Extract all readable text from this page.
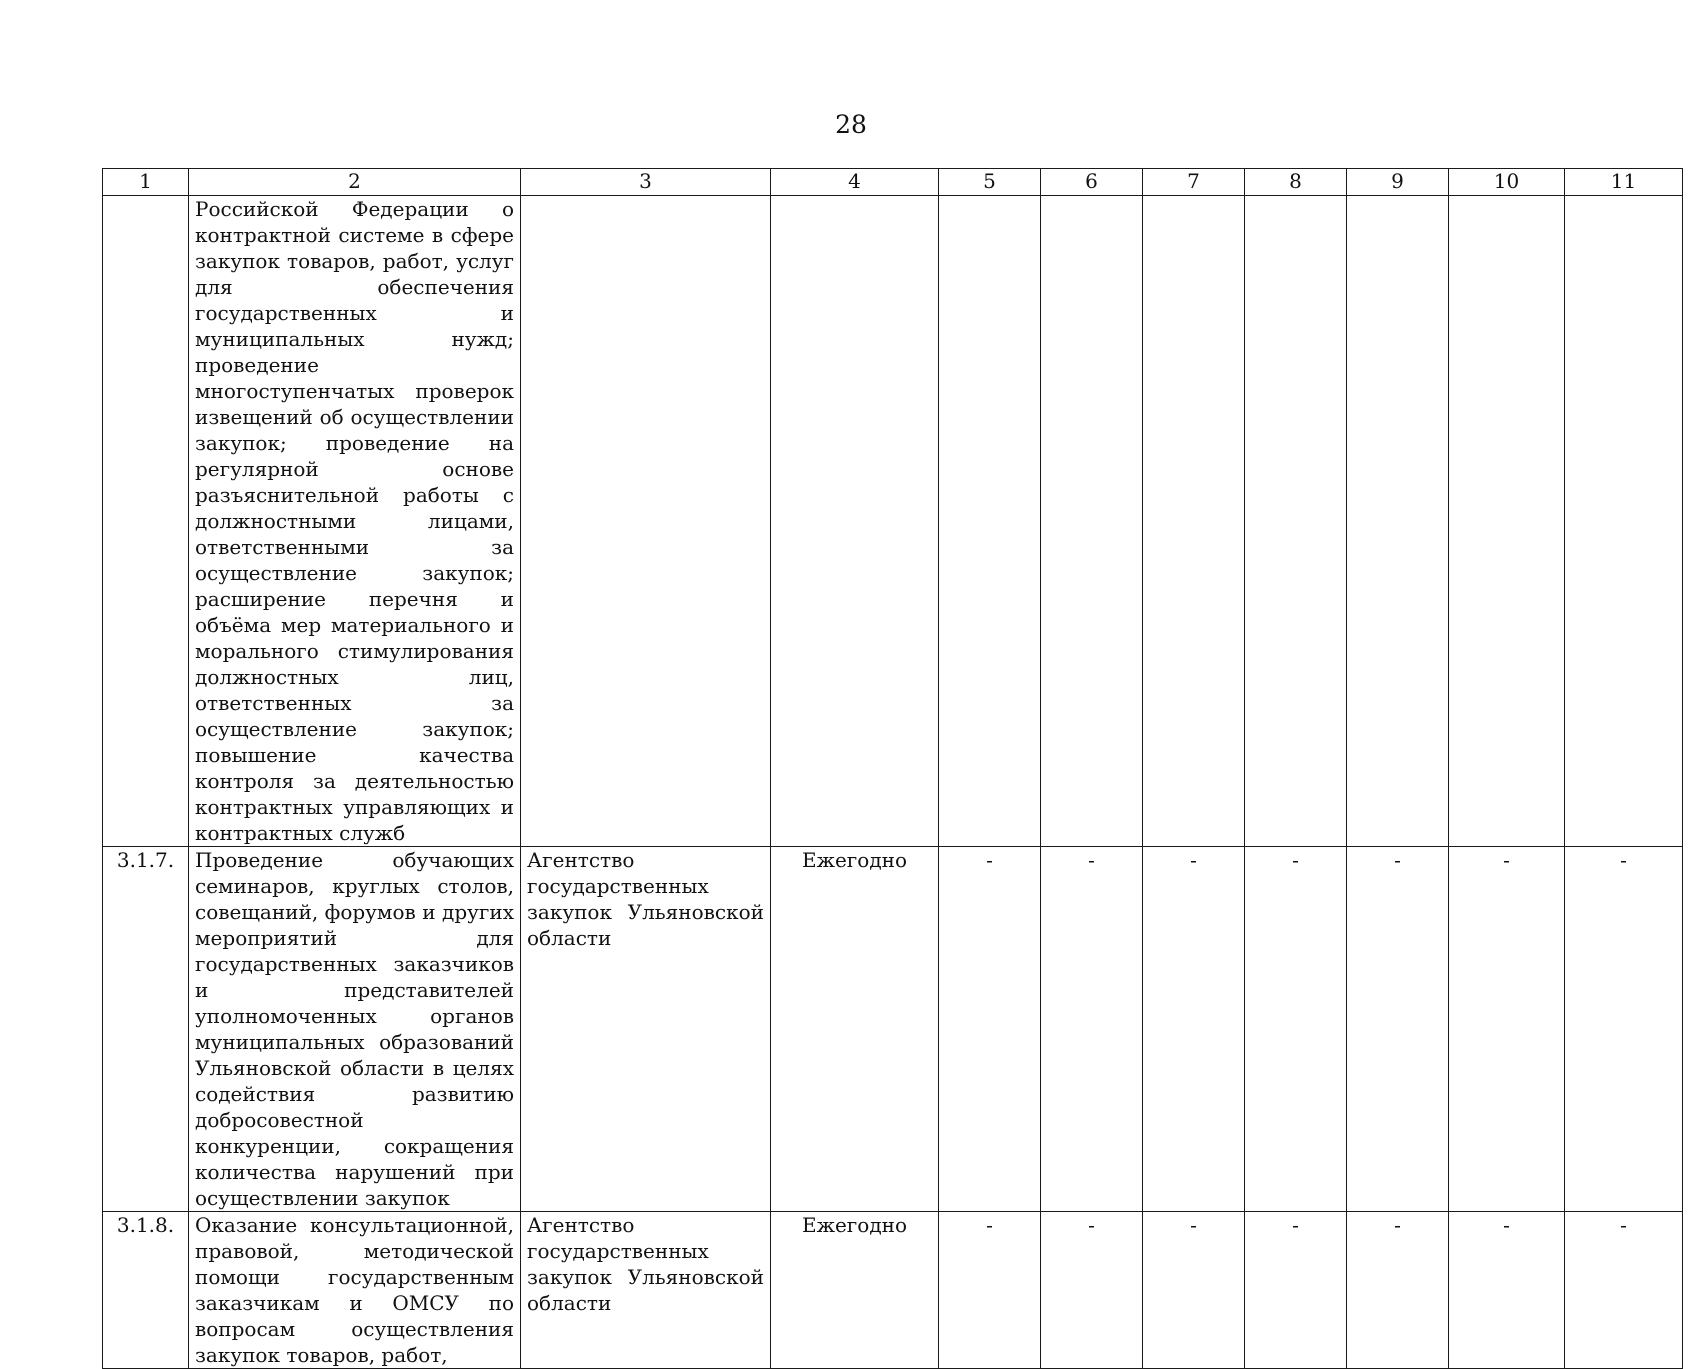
28
1	2	3	4	5	6	7	8	9	10	11
	Российской Федерации о контрактной системе в сфере закупок товаров, работ, услуг для обеспечения государственных и муниципальных нужд; проведение многоступенчатых проверок извещений об осуществлении закупок; проведение на регулярной основе разъяснительной работы с должностными лицами, ответственными за осуществление закупок; расширение перечня и объёма мер материального и морального стимулирования должностных лиц, ответственных за осуществление закупок; повышение качества контроля за деятельностью контрактных управляющих и контрактных служб									
3.1.7.	Проведение обучающих семинаров, круглых столов, совещаний, форумов и других мероприятий для государственных заказчиков и представителей уполномоченных органов муниципальных образований Ульяновской области в целях содействия развитию добросовестной конкуренции, сокращения количества нарушений при осуществлении закупок	Агентство государственных закупок Ульяновской области	Ежегодно	-	-	-	-	-	-	-
3.1.8.	Оказание консультационной, правовой, методической помощи государственным заказчикам и ОМСУ по вопросам осуществления закупок товаров, работ,	Агентство государственных закупок Ульяновской области	Ежегодно	-	-	-	-	-	-	-
